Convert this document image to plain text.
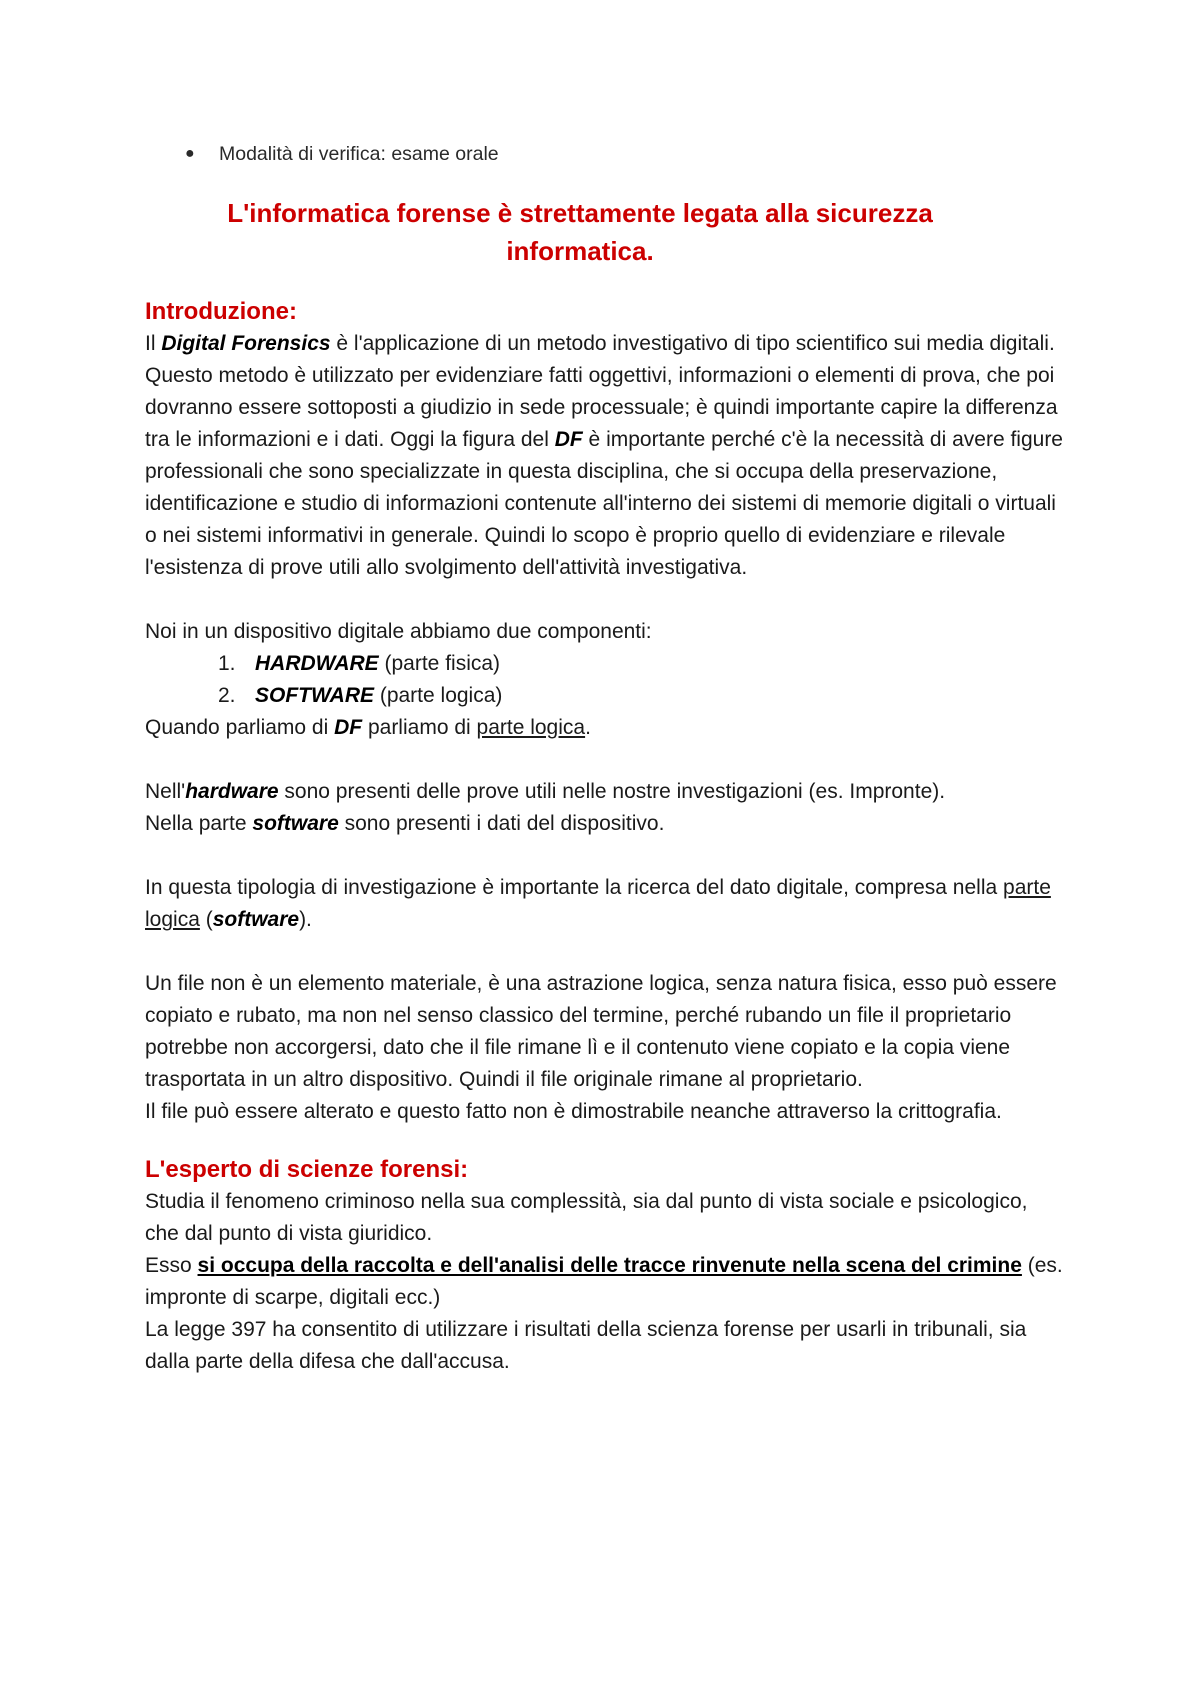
● Modalità di verifica: esame orale

L'informatica forense è strettamente legata alla sicurezza informatica.
Introduzione:

Il Digital Forensics è l'applicazione di un metodo investigativo di tipo scientifico sui media digitali. Questo metodo è utilizzato per evidenziare fatti oggettivi, informazioni o elementi di prova, che poi dovranno essere sottoposti a giudizio in sede processuale; è quindi importante capire la differenza tra le informazioni e i dati. Oggi la figura del DF è importante perché c'è la necessità di avere figure professionali che sono specializzate in questa disciplina, che si occupa della preservazione, identificazione e studio di informazioni contenute all'interno dei sistemi di memorie digitali o virtuali o nei sistemi informativi in generale. Quindi lo scopo è proprio quello di evidenziare e rilevale l'esistenza di prove utili allo svolgimento dell'attività investigativa.

Noi in un dispositivo digitale abbiamo due componenti:

1. HARDWARE (parte fisica)
2. SOFTWARE (parte logica)

Quando parliamo di DF parliamo di parte logica.

Nell'hardware sono presenti delle prove utili nelle nostre investigazioni (es. Impronte).

Nella parte software sono presenti i dati del dispositivo.

In questa tipologia di investigazione è importante la ricerca del dato digitale, compresa nella parte logica (software).

Un file non è un elemento materiale, è una astrazione logica, senza natura fisica, esso può essere copiato e rubato, ma non nel senso classico del termine, perché rubando un file il proprietario potrebbe non accorgersi, dato che il file rimane lì e il contenuto viene copiato e la copia viene trasportata in un altro dispositivo. Quindi il file originale rimane al proprietario.

Il file può essere alterato e questo fatto non è dimostrabile neanche attraverso la crittografia.

L'esperto di scienze forensi:

Studia il fenomeno criminoso nella sua complessità, sia dal punto di vista sociale e psicologico, che dal punto di vista giuridico.

Esso si occupa della raccolta e dell'analisi delle tracce rinvenute nella scena del crimine (es. impronte di scarpe, digitali ecc.)

La legge 397 ha consentito di utilizzare i risultati della scienza forense per usarli in tribunali, sia dalla parte della difesa che dall'accusa.
